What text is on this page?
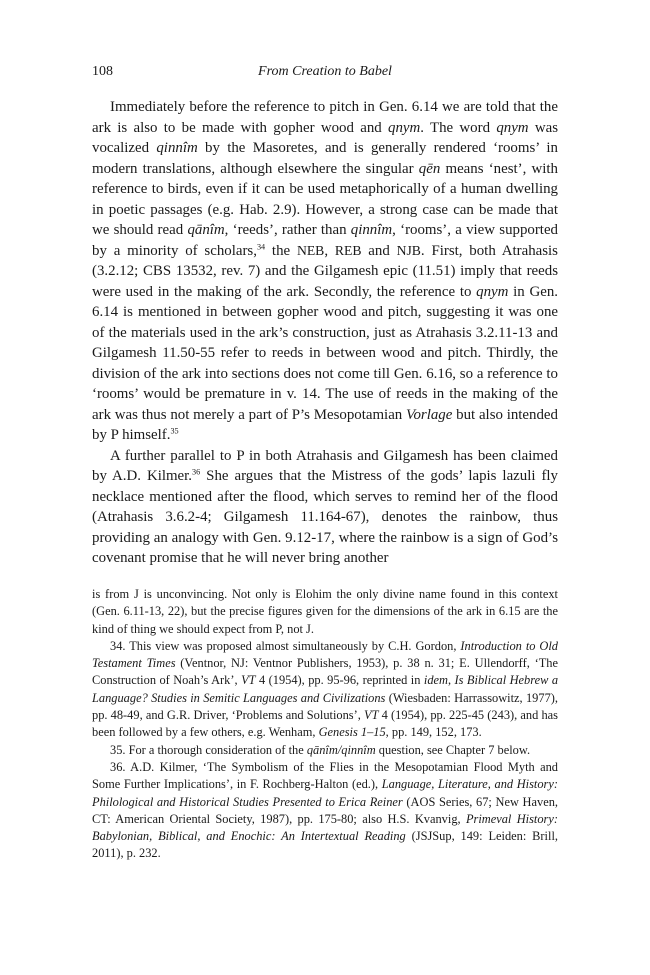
108	From Creation to Babel

Immediately before the reference to pitch in Gen. 6.14 we are told that the ark is also to be made with gopher wood and qnym. The word qnym was vocalized qinnîm by the Masoretes, and is generally rendered ‘rooms’ in modern translations, although elsewhere the singular qēn means ‘nest’, with reference to birds, even if it can be used metaphorically of a human dwelling in poetic passages (e.g. Hab. 2.9). However, a strong case can be made that we should read qānîm, ‘reeds’, rather than qinnîm, ‘rooms’, a view supported by a minority of scholars,$^{34}$ the NEB, REB and NJB. First, both Atrahasis (3.2.12; CBS 13532, rev. 7) and the Gilgamesh epic (11.51) imply that reeds were used in the making of the ark. Secondly, the reference to qnym in Gen. 6.14 is mentioned in between gopher wood and pitch, suggesting it was one of the materials used in the ark’s construction, just as Atrahasis 3.2.11-13 and Gilgamesh 11.50-55 refer to reeds in between wood and pitch. Thirdly, the division of the ark into sections does not come till Gen. 6.16, so a reference to ‘rooms’ would be premature in v. 14. The use of reeds in the making of the ark was thus not merely a part of P’s Mesopotamian Vorlage but also intended by P himself.$^{35}$

A further parallel to P in both Atrahasis and Gilgamesh has been claimed by A.D. Kilmer.$^{36}$ She argues that the Mistress of the gods’ lapis lazuli fly necklace mentioned after the flood, which serves to remind her of the flood (Atrahasis 3.6.2-4; Gilgamesh 11.164-67), denotes the rainbow, thus providing an analogy with Gen. 9.12-17, where the rainbow is a sign of God’s covenant promise that he will never bring another

is from J is unconvincing. Not only is Elohim the only divine name found in this context (Gen. 6.11-13, 22), but the precise figures given for the dimensions of the ark in 6.15 are the kind of thing we should expect from P, not J.

34. This view was proposed almost simultaneously by C.H. Gordon, Introduction to Old Testament Times (Ventnor, NJ: Ventnor Publishers, 1953), p. 38 n. 31; E. Ullendorff, ‘The Construction of Noah’s Ark’, VT 4 (1954), pp. 95-96, reprinted in idem, Is Biblical Hebrew a Language? Studies in Semitic Languages and Civilizations (Wiesbaden: Harrassowitz, 1977), pp. 48-49, and G.R. Driver, ‘Problems and Solutions’, VT 4 (1954), pp. 225-45 (243), and has been followed by a few others, e.g. Wenham, Genesis 1–15, pp. 149, 152, 173.

35. For a thorough consideration of the qānîm/qinnîm question, see Chapter 7 below.

36. A.D. Kilmer, ‘The Symbolism of the Flies in the Mesopotamian Flood Myth and Some Further Implications’, in F. Rochberg-Halton (ed.), Language, Literature, and History: Philological and Historical Studies Presented to Erica Reiner (AOS Series, 67; New Haven, CT: American Oriental Society, 1987), pp. 175-80; also H.S. Kvanvig, Primeval History: Babylonian, Biblical, and Enochic: An Intertextual Reading (JSJSup, 149: Leiden: Brill, 2011), p. 232.
